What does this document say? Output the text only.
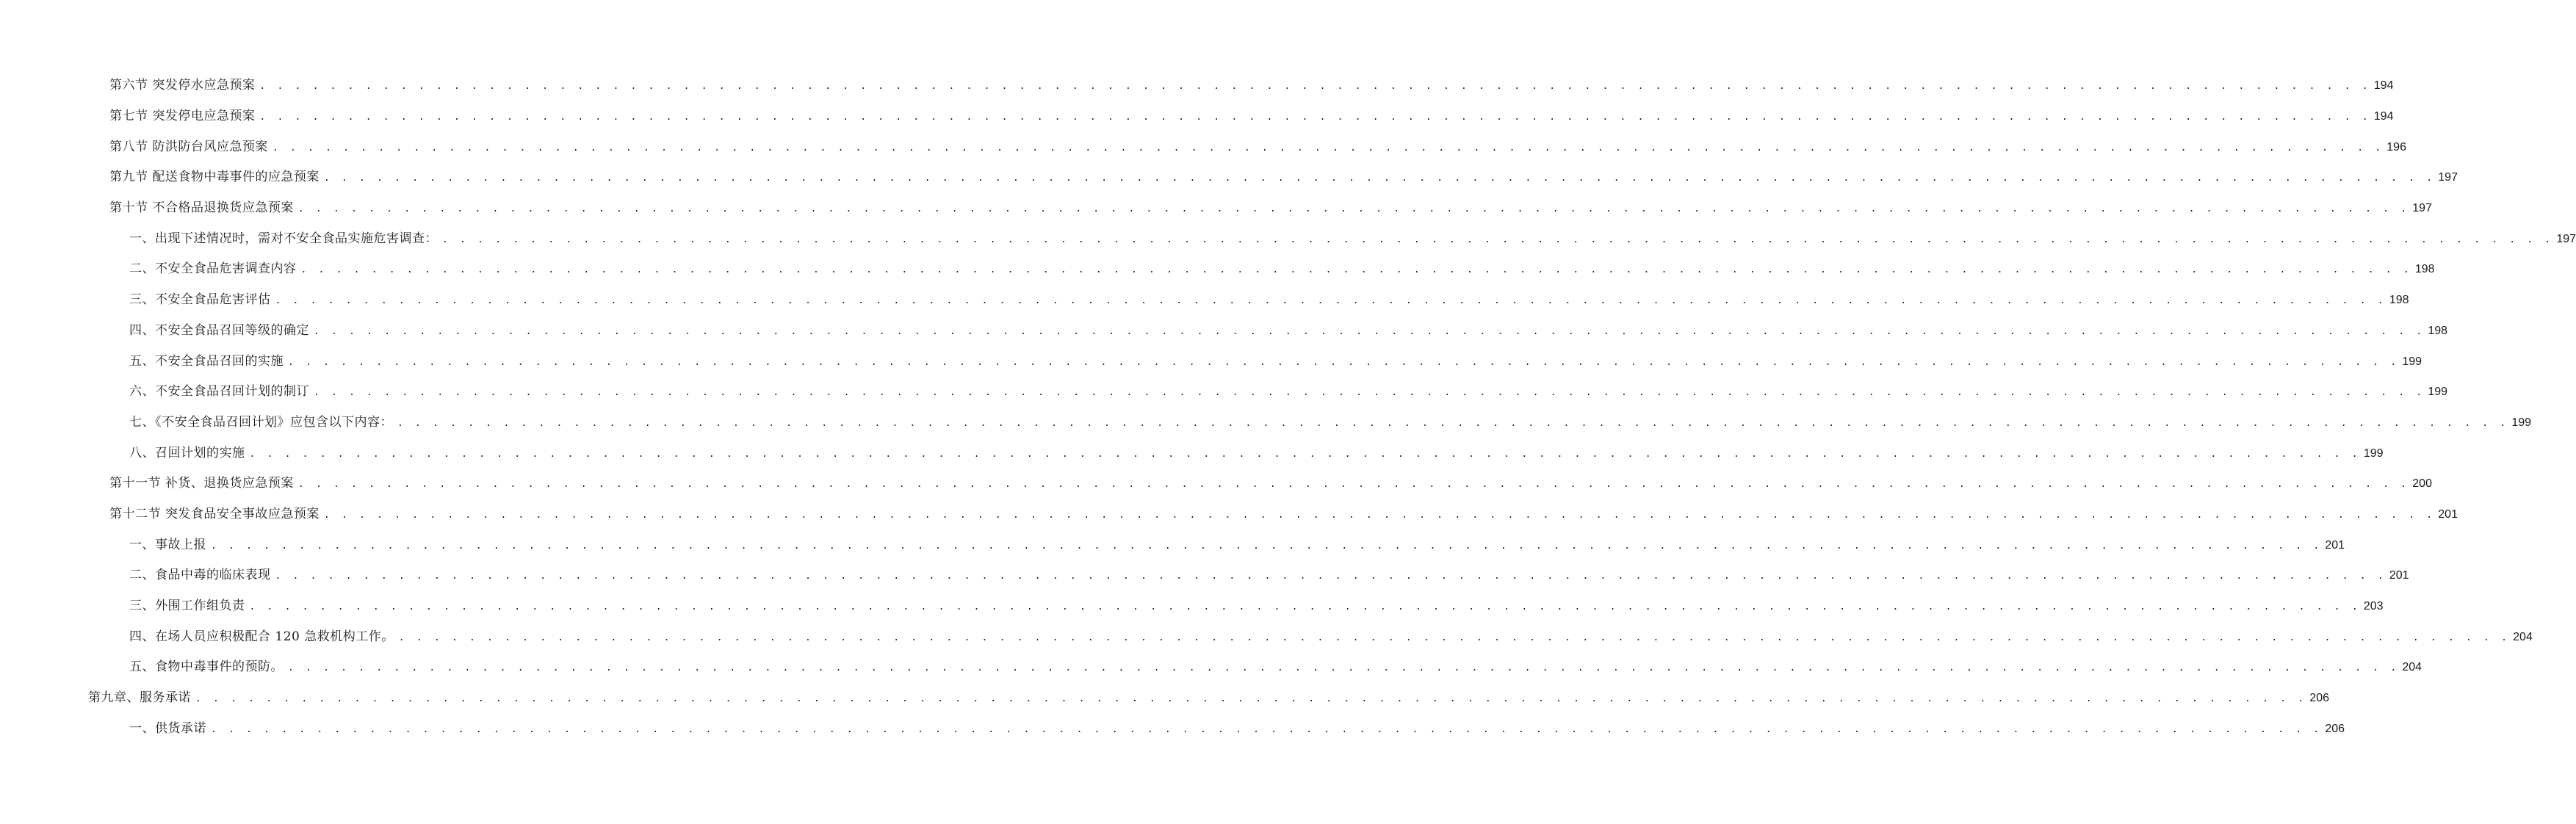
第六节 突发停水应急预案 . . . . . . . . . . . . . . . . . . . . . . . . . . . . . . . . . . . . . . . . . . . . . . . . . . . . . . . . . . . . . . . . . . . . . . . . . . . . . . . . . . . . . . . . . . . . . . . . . . . . . . . . . . . . . . . . . . . . . . . . 194
第七节 突发停电应急预案 . . . . . . . . . . . . . . . . . . . . . . . . . . . . . . . . . . . . . . . . . . . . . . . . . . . . . . . . . . . . . . . . . . . . . . . . . . . . . . . . . . . . . . . . . . . . . . . . . . . . . . . . . . . . . . . . . . . . . . . . 194
第八节 防洪防台风应急预案 . . . . . . . . . . . . . . . . . . . . . . . . . . . . . . . . . . . . . . . . . . . . . . . . . . . . . . . . . . . . . . . . . . . . . . . . . . . . . . . . . . . . . . . . . . . . . . . . . . . . . . . . . . . . . . . . . . . . . . . . 196
第九节 配送食物中毒事件的应急预案 . . . . . . . . . . . . . . . . . . . . . . . . . . . . . . . . . . . . . . . . . . . . . . . . . . . . . . . . . . . . . . . . . . . . . . . . . . . . . . . . . . . . . . . . . . . . . . . . . . . . . . . . . . . . . . . . . . . . . . . . 197
第十节 不合格品退换货应急预案 . . . . . . . . . . . . . . . . . . . . . . . . . . . . . . . . . . . . . . . . . . . . . . . . . . . . . . . . . . . . . . . . . . . . . . . . . . . . . . . . . . . . . . . . . . . . . . . . . . . . . . . . . . . . . . . . . . . . . . . . 197
一、出现下述情况时，需对不安全食品实施危害调查： . . . . . . . . . . . . . . . . . . . . . . . . . . . . . . . . . . . . . . . . . . . . . . . . . . . . . . . . . . . . . . . . . . . . . . . . . . . . . . . . . . . . . . . . . . . . . . . . . . . . . . . . . . . . . . . . . . . . . . . . 197
二、不安全食品危害调查内容 . . . . . . . . . . . . . . . . . . . . . . . . . . . . . . . . . . . . . . . . . . . . . . . . . . . . . . . . . . . . . . . . . . . . . . . . . . . . . . . . . . . . . . . . . . . . . . . . . . . . . . . . . . . . . . . . . . . . . . . . 198
三、不安全食品危害评估 . . . . . . . . . . . . . . . . . . . . . . . . . . . . . . . . . . . . . . . . . . . . . . . . . . . . . . . . . . . . . . . . . . . . . . . . . . . . . . . . . . . . . . . . . . . . . . . . . . . . . . . . . . . . . . . . . . . . . . . . 198
四、不安全食品召回等级的确定 . . . . . . . . . . . . . . . . . . . . . . . . . . . . . . . . . . . . . . . . . . . . . . . . . . . . . . . . . . . . . . . . . . . . . . . . . . . . . . . . . . . . . . . . . . . . . . . . . . . . . . . . . . . . . . . . . . . . . . . . 198
五、不安全食品召回的实施 . . . . . . . . . . . . . . . . . . . . . . . . . . . . . . . . . . . . . . . . . . . . . . . . . . . . . . . . . . . . . . . . . . . . . . . . . . . . . . . . . . . . . . . . . . . . . . . . . . . . . . . . . . . . . . . . . . . . . . . . 199
六、不安全食品召回计划的制订 . . . . . . . . . . . . . . . . . . . . . . . . . . . . . . . . . . . . . . . . . . . . . . . . . . . . . . . . . . . . . . . . . . . . . . . . . . . . . . . . . . . . . . . . . . . . . . . . . . . . . . . . . . . . . . . . . . . . . . . . 199
七、《不安全食品召回计划》应包含以下内容： . . . . . . . . . . . . . . . . . . . . . . . . . . . . . . . . . . . . . . . . . . . . . . . . . . . . . . . . . . . . . . . . . . . . . . . . . . . . . . . . . . . . . . . . . . . . . . . . . . . . . . . . . . . . . . . . . . . . . . . . 199
八、召回计划的实施 . . . . . . . . . . . . . . . . . . . . . . . . . . . . . . . . . . . . . . . . . . . . . . . . . . . . . . . . . . . . . . . . . . . . . . . . . . . . . . . . . . . . . . . . . . . . . . . . . . . . . . . . . . . . . . . . . . . . . . . . 199
第十一节 补货、退换货应急预案 . . . . . . . . . . . . . . . . . . . . . . . . . . . . . . . . . . . . . . . . . . . . . . . . . . . . . . . . . . . . . . . . . . . . . . . . . . . . . . . . . . . . . . . . . . . . . . . . . . . . . . . . . . . . . . . . . . . . . . . . 200
第十二节 突发食品安全事故应急预案 . . . . . . . . . . . . . . . . . . . . . . . . . . . . . . . . . . . . . . . . . . . . . . . . . . . . . . . . . . . . . . . . . . . . . . . . . . . . . . . . . . . . . . . . . . . . . . . . . . . . . . . . . . . . . . . . . . . . . . . . 201
一、事故上报 . . . . . . . . . . . . . . . . . . . . . . . . . . . . . . . . . . . . . . . . . . . . . . . . . . . . . . . . . . . . . . . . . . . . . . . . . . . . . . . . . . . . . . . . . . . . . . . . . . . . . . . . . . . . . . . . . . . . . . . . 201
二、食品中毒的临床表现 . . . . . . . . . . . . . . . . . . . . . . . . . . . . . . . . . . . . . . . . . . . . . . . . . . . . . . . . . . . . . . . . . . . . . . . . . . . . . . . . . . . . . . . . . . . . . . . . . . . . . . . . . . . . . . . . . . . . . . . . 201
三、外围工作组负责 . . . . . . . . . . . . . . . . . . . . . . . . . . . . . . . . . . . . . . . . . . . . . . . . . . . . . . . . . . . . . . . . . . . . . . . . . . . . . . . . . . . . . . . . . . . . . . . . . . . . . . . . . . . . . . . . . . . . . . . . 203
四、在场人员应积极配合 120 急救机构工作。 . . . . . . . . . . . . . . . . . . . . . . . . . . . . . . . . . . . . . . . . . . . . . . . . . . . . . . . . . . . . . . . . . . . . . . . . . . . . . . . . . . . . . . . . . . . . . . . . . . . . . . . . . . . . . . . . . . . . . . . . 204
五、食物中毒事件的预防。 . . . . . . . . . . . . . . . . . . . . . . . . . . . . . . . . . . . . . . . . . . . . . . . . . . . . . . . . . . . . . . . . . . . . . . . . . . . . . . . . . . . . . . . . . . . . . . . . . . . . . . . . . . . . . . . . . . . . . . . . 204
第九章、服务承诺 . . . . . . . . . . . . . . . . . . . . . . . . . . . . . . . . . . . . . . . . . . . . . . . . . . . . . . . . . . . . . . . . . . . . . . . . . . . . . . . . . . . . . . . . . . . . . . . . . . . . . . . . . . . . . . . . . . . . . . . . 206
一、供货承诺 . . . . . . . . . . . . . . . . . . . . . . . . . . . . . . . . . . . . . . . . . . . . . . . . . . . . . . . . . . . . . . . . . . . . . . . . . . . . . . . . . . . . . . . . . . . . . . . . . . . . . . . . . . . . . . . . . . . . . . . . 206
